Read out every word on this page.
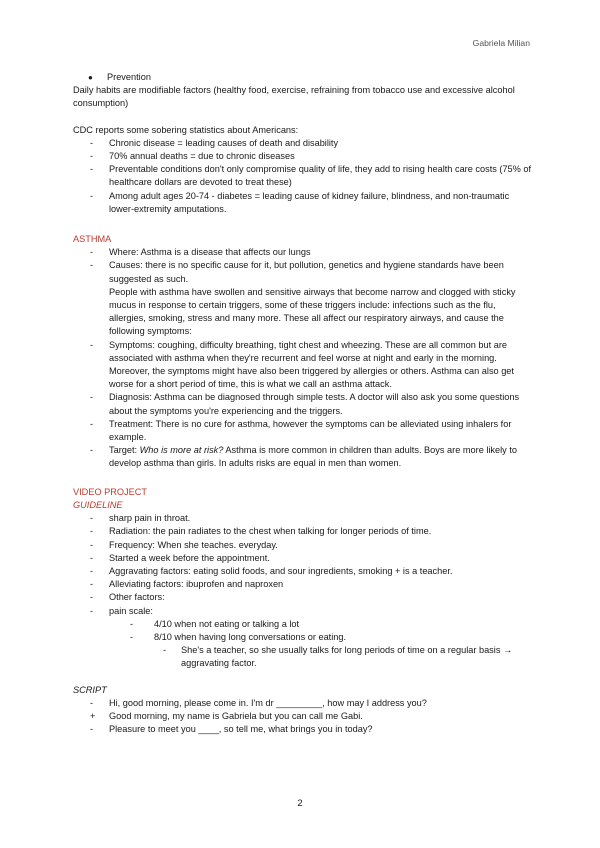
Gabriela Milian

● Prevention

Daily habits are modifiable factors (healthy food, exercise, refraining from tobacco use and excessive alcohol consumption)

CDC reports some sobering statistics about Americans:

- Chronic disease = leading causes of death and disability
- 70% annual deaths = due to chronic diseases
- Preventable conditions don't only compromise quality of life, they add to rising health care costs (75% of healthcare dollars are devoted to treat these)
- Among adult ages 20-74 - diabetes = leading cause of kidney failure, blindness, and non-traumatic lower-extremity amputations.

ASTHMA

- Where: Asthma is a disease that affects our lungs
- Causes: there is no specific cause for it, but pollution, genetics and hygiene standards have been suggested as such.
People with asthma have swollen and sensitive airways that become narrow and clogged with sticky mucus in response to certain triggers, some of these triggers include: infections such as the flu, allergies, smoking, stress and many more. These all affect our respiratory airways, and cause the following symptoms:
- Symptoms: coughing, difficulty breathing, tight chest and wheezing. These are all common but are associated with asthma when they're recurrent and feel worse at night and early in the morning. Moreover, the symptoms might have also been triggered by allergies or others. Asthma can also get worse for a short period of time, this is what we call an asthma attack.
- Diagnosis: Asthma can be diagnosed through simple tests. A doctor will also ask you some questions about the symptoms you're experiencing and the triggers.
- Treatment: There is no cure for asthma, however the symptoms can be alleviated using inhalers for example.
- Target: Who is more at risk? Asthma is more common in children than adults. Boys are more likely to develop asthma than girls. In adults risks are equal in men than women.

VIDEO PROJECT

GUIDELINE

- sharp pain in throat.
- Radiation: the pain radiates to the chest when talking for longer periods of time.
- Frequency: When she teaches. everyday.
- Started a week before the appointment.
- Aggravating factors: eating solid foods, and sour ingredients, smoking + is a teacher.
- Alleviating factors: ibuprofen and naproxen
- Other factors:
- pain scale:
- 4/10 when not eating or talking a lot
- 8/10 when having long conversations or eating.
- She's a teacher, so she usually talks for long periods of time on a regular basis → aggravating factor.

SCRIPT

- Hi, good morning, please come in. I'm dr _________, how may I address you?
+ Good morning, my name is Gabriela but you can call me Gabi.
- Pleasure to meet you ____, so tell me, what brings you in today?
2
